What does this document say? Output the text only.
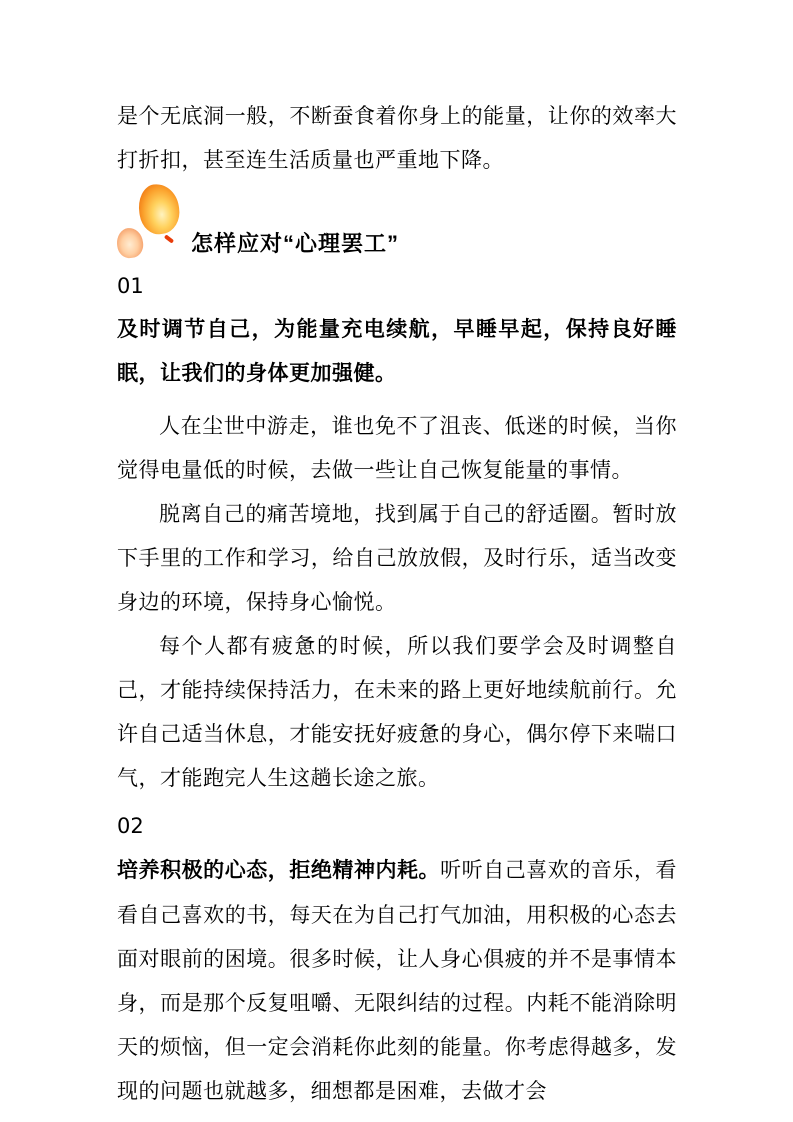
是个无底洞一般，不断蚕食着你身上的能量，让你的效率大打折扣，甚至连生活质量也严重地下降。

怎样应对“心理罢工”

01

及时调节自己，为能量充电续航，早睡早起，保持良好睡眠，让我们的身体更加强健。

人在尘世中游走，谁也免不了沮丧、低迷的时候，当你觉得电量低的时候，去做一些让自己恢复能量的事情。

脱离自己的痛苦境地，找到属于自己的舒适圈。暂时放下手里的工作和学习，给自己放放假，及时行乐，适当改变身边的环境，保持身心愉悦。

每个人都有疲惫的时候，所以我们要学会及时调整自己，才能持续保持活力，在未来的路上更好地续航前行。允许自己适当休息，才能安抚好疲惫的身心，偶尔停下来喘口气，才能跑完人生这趟长途之旅。

02

培养积极的心态，拒绝精神内耗。听听自己喜欢的音乐，看看自己喜欢的书，每天在为自己打气加油，用积极的心态去面对眼前的困境。很多时候，让人身心俱疲的并不是事情本身，而是那个反复咀嚼、无限纠结的过程。内耗不能消除明天的烦恼，但一定会消耗你此刻的能量。你考虑得越多，发现的问题也就越多，细想都是困难，去做才会
